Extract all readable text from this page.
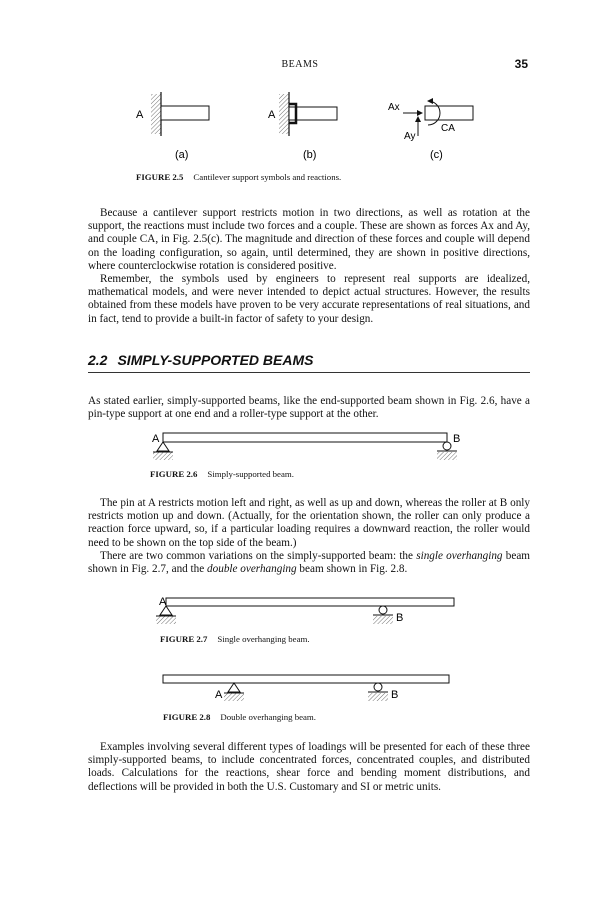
BEAMS	35
A
(a)
A
(b)
Ax
Ay
CA
(c)
A	B
A
B
A	B
FIGURE 2.5 Cantilever support symbols and reactions.

Because a cantilever support restricts motion in two directions, as well as rotation at the support, the reactions must include two forces and a couple. These are shown as forces Ax and Ay, and couple CA, in Fig. 2.5(c). The magnitude and direction of these forces and couple will depend on the loading configuration, so again, until determined, they are shown in positive directions, where counterclockwise rotation is considered positive.

Remember, the symbols used by engineers to represent real supports are idealized, mathematical models, and were never intended to depict actual structures. However, the results obtained from these models have proven to be very accurate representations of real situations, and in fact, tend to provide a built-in factor of safety to your design.

2.2 SIMPLY-SUPPORTED BEAMS

As stated earlier, simply-supported beams, like the end-supported beam shown in Fig. 2.6, have a pin-type support at one end and a roller-type support at the other.

FIGURE 2.6 Simply-supported beam.

The pin at A restricts motion left and right, as well as up and down, whereas the roller at B only restricts motion up and down. (Actually, for the orientation shown, the roller can only produce a reaction force upward, so, if a particular loading requires a downward reaction, the roller would need to be shown on the top side of the beam.)

There are two common variations on the simply-supported beam: the single overhanging beam shown in Fig. 2.7, and the double overhanging beam shown in Fig. 2.8.

FIGURE 2.7 Single overhanging beam.
FIGURE 2.8 Double overhanging beam.

Examples involving several different types of loadings will be presented for each of these three simply-supported beams, to include concentrated forces, concentrated couples, and distributed loads. Calculations for the reactions, shear force and bending moment distributions, and deflections will be provided in both the U.S. Customary and SI or metric units.
